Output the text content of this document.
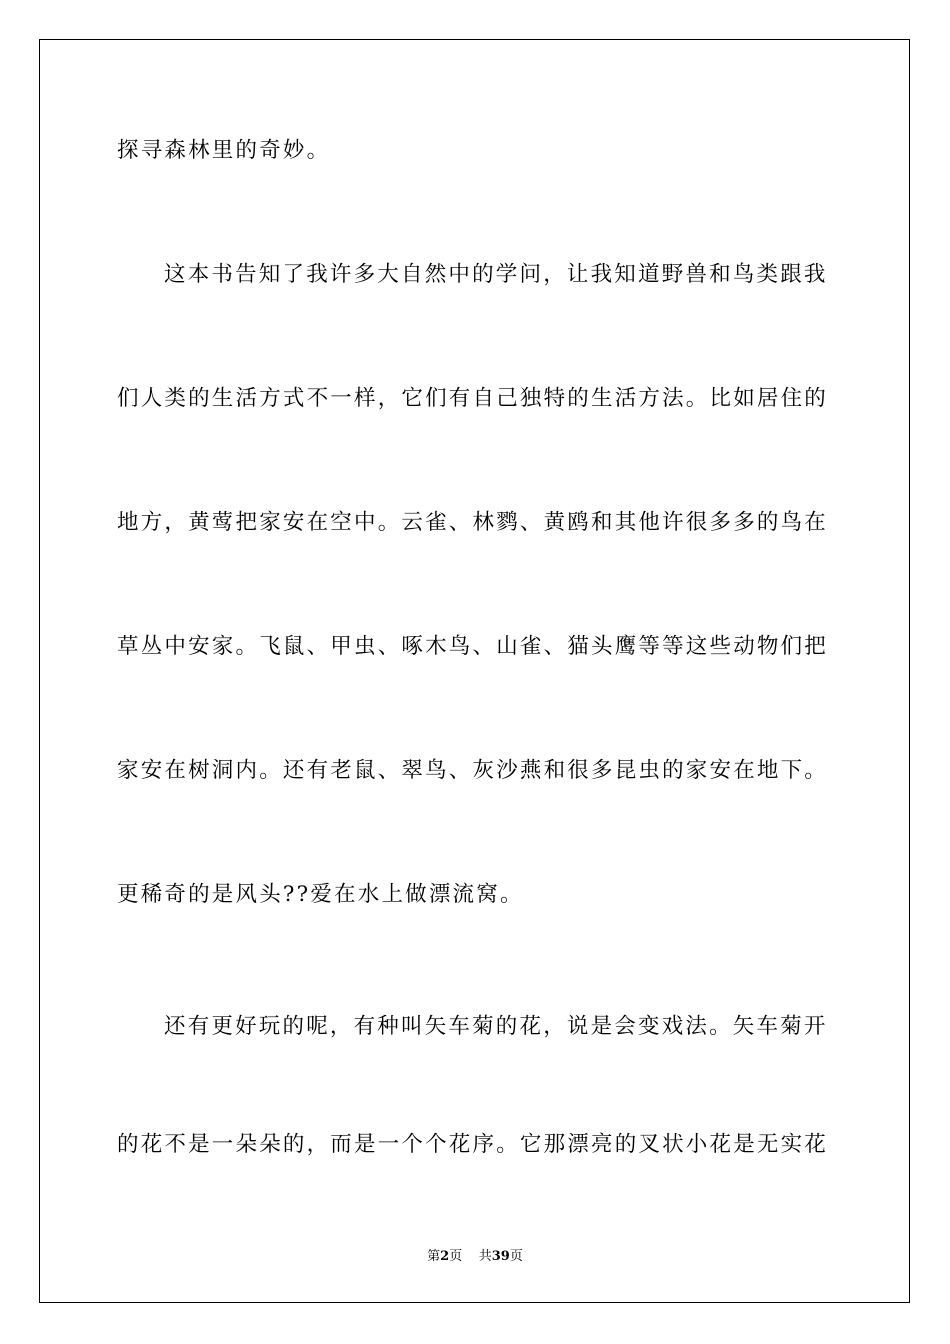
探寻森林里的奇妙。
这本书告知了我许多大自然中的学问，让我知道野兽和鸟类跟我
们人类的生活方式不一样，它们有自己独特的生活方法。比如居住的
地方，黄莺把家安在空中。云雀、林鹨、黄鸥和其他许很多多的鸟在
草丛中安家。飞鼠、甲虫、啄木鸟、山雀、猫头鹰等等这些动物们把
家安在树洞内。还有老鼠、翠鸟、灰沙燕和很多昆虫的家安在地下。
更稀奇的是风头??爱在水上做漂流窝。
还有更好玩的呢，有种叫矢车菊的花，说是会变戏法。矢车菊开
的花不是一朵朵的，而是一个个花序。它那漂亮的叉状小花是无实花
第2页 共39页
